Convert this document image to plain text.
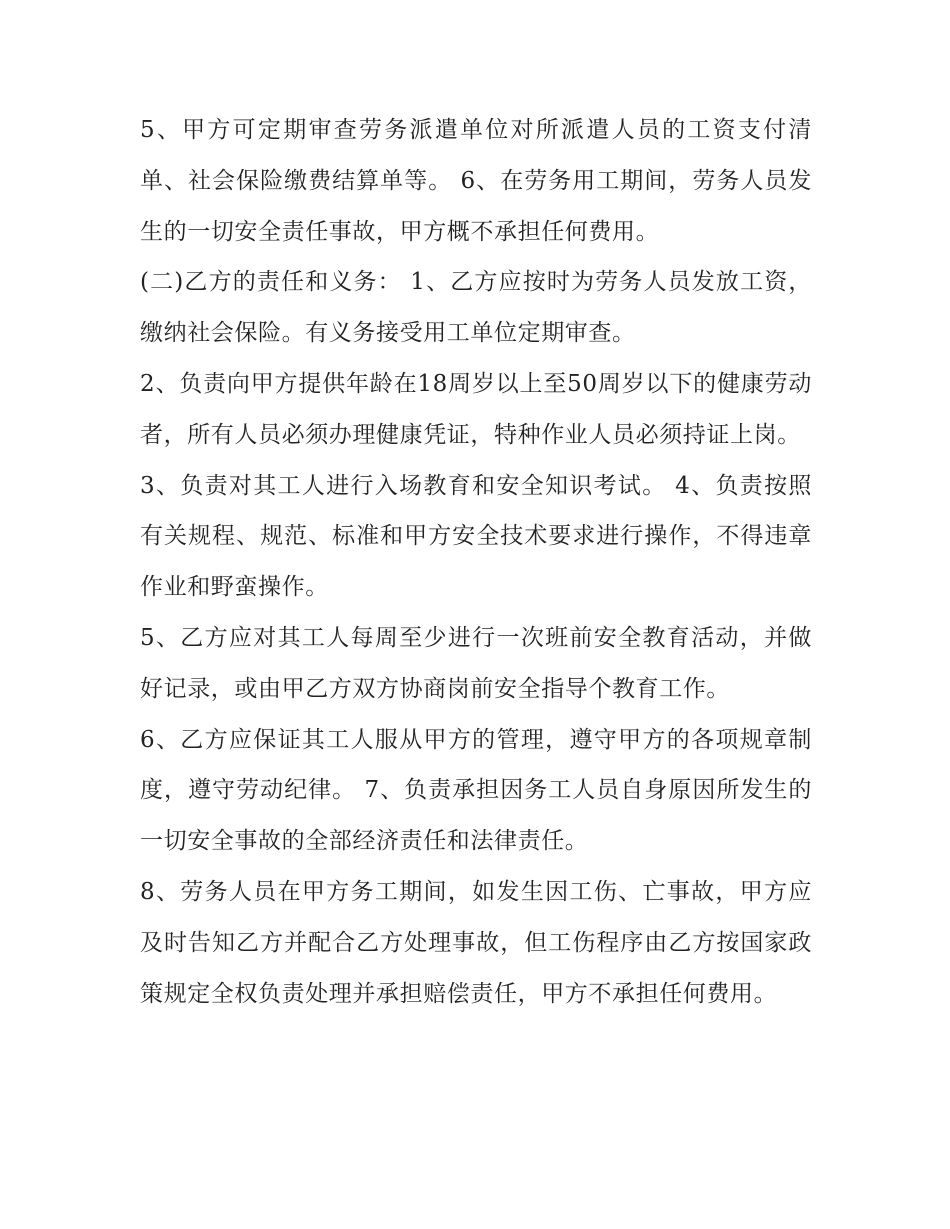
5、甲方可定期审查劳务派遣单位对所派遣人员的工资支付清单、社会保险缴费结算单等。 6、在劳务用工期间，劳务人员发生的一切安全责任事故，甲方概不承担任何费用。

(二)乙方的责任和义务： 1、乙方应按时为劳务人员发放工资，缴纳社会保险。有义务接受用工单位定期审查。

2、负责向甲方提供年龄在18周岁以上至50周岁以下的健康劳动者，所有人员必须办理健康凭证，特种作业人员必须持证上岗。

3、负责对其工人进行入场教育和安全知识考试。 4、负责按照有关规程、规范、标准和甲方安全技术要求进行操作，不得违章作业和野蛮操作。

5、乙方应对其工人每周至少进行一次班前安全教育活动，并做好记录，或由甲乙方双方协商岗前安全指导个教育工作。

6、乙方应保证其工人服从甲方的管理，遵守甲方的各项规章制度，遵守劳动纪律。 7、负责承担因务工人员自身原因所发生的一切安全事故的全部经济责任和法律责任。

8、劳务人员在甲方务工期间，如发生因工伤、亡事故，甲方应及时告知乙方并配合乙方处理事故，但工伤程序由乙方按国家政策规定全权负责处理并承担赔偿责任，甲方不承担任何费用。
